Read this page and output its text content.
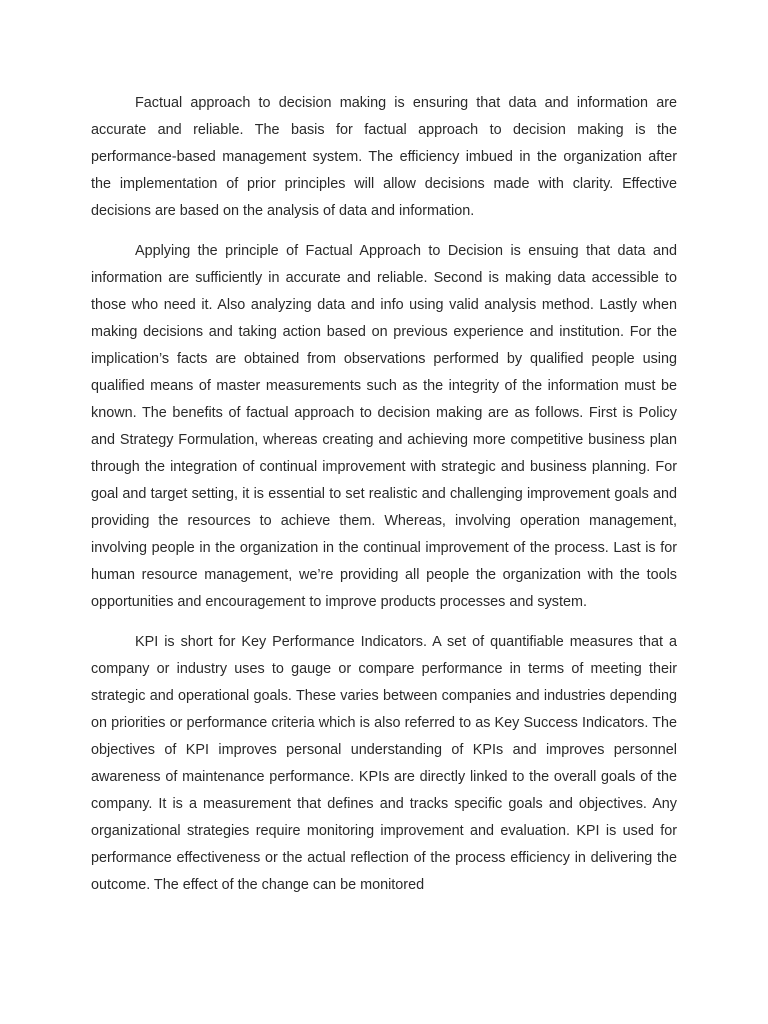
Factual approach to decision making is ensuring that data and information are accurate and reliable. The basis for factual approach to decision making is the performance-based management system. The efficiency imbued in the organization after the implementation of prior principles will allow decisions made with clarity. Effective decisions are based on the analysis of data and information.

Applying the principle of Factual Approach to Decision is ensuing that data and information are sufficiently in accurate and reliable. Second is making data accessible to those who need it. Also analyzing data and info using valid analysis method. Lastly when making decisions and taking action based on previous experience and institution. For the implication’s facts are obtained from observations performed by qualified people using qualified means of master measurements such as the integrity of the information must be known. The benefits of factual approach to decision making are as follows. First is Policy and Strategy Formulation, whereas creating and achieving more competitive business plan through the integration of continual improvement with strategic and business planning. For goal and target setting, it is essential to set realistic and challenging improvement goals and providing the resources to achieve them. Whereas, involving operation management, involving people in the organization in the continual improvement of the process. Last is for human resource management, we’re providing all people the organization with the tools opportunities and encouragement to improve products processes and system.

KPI is short for Key Performance Indicators. A set of quantifiable measures that a company or industry uses to gauge or compare performance in terms of meeting their strategic and operational goals. These varies between companies and industries depending on priorities or performance criteria which is also referred to as Key Success Indicators. The objectives of KPI improves personal understanding of KPIs and improves personnel awareness of maintenance performance. KPIs are directly linked to the overall goals of the company. It is a measurement that defines and tracks specific goals and objectives. Any organizational strategies require monitoring improvement and evaluation. KPI is used for performance effectiveness or the actual reflection of the process efficiency in delivering the outcome. The effect of the change can be monitored
